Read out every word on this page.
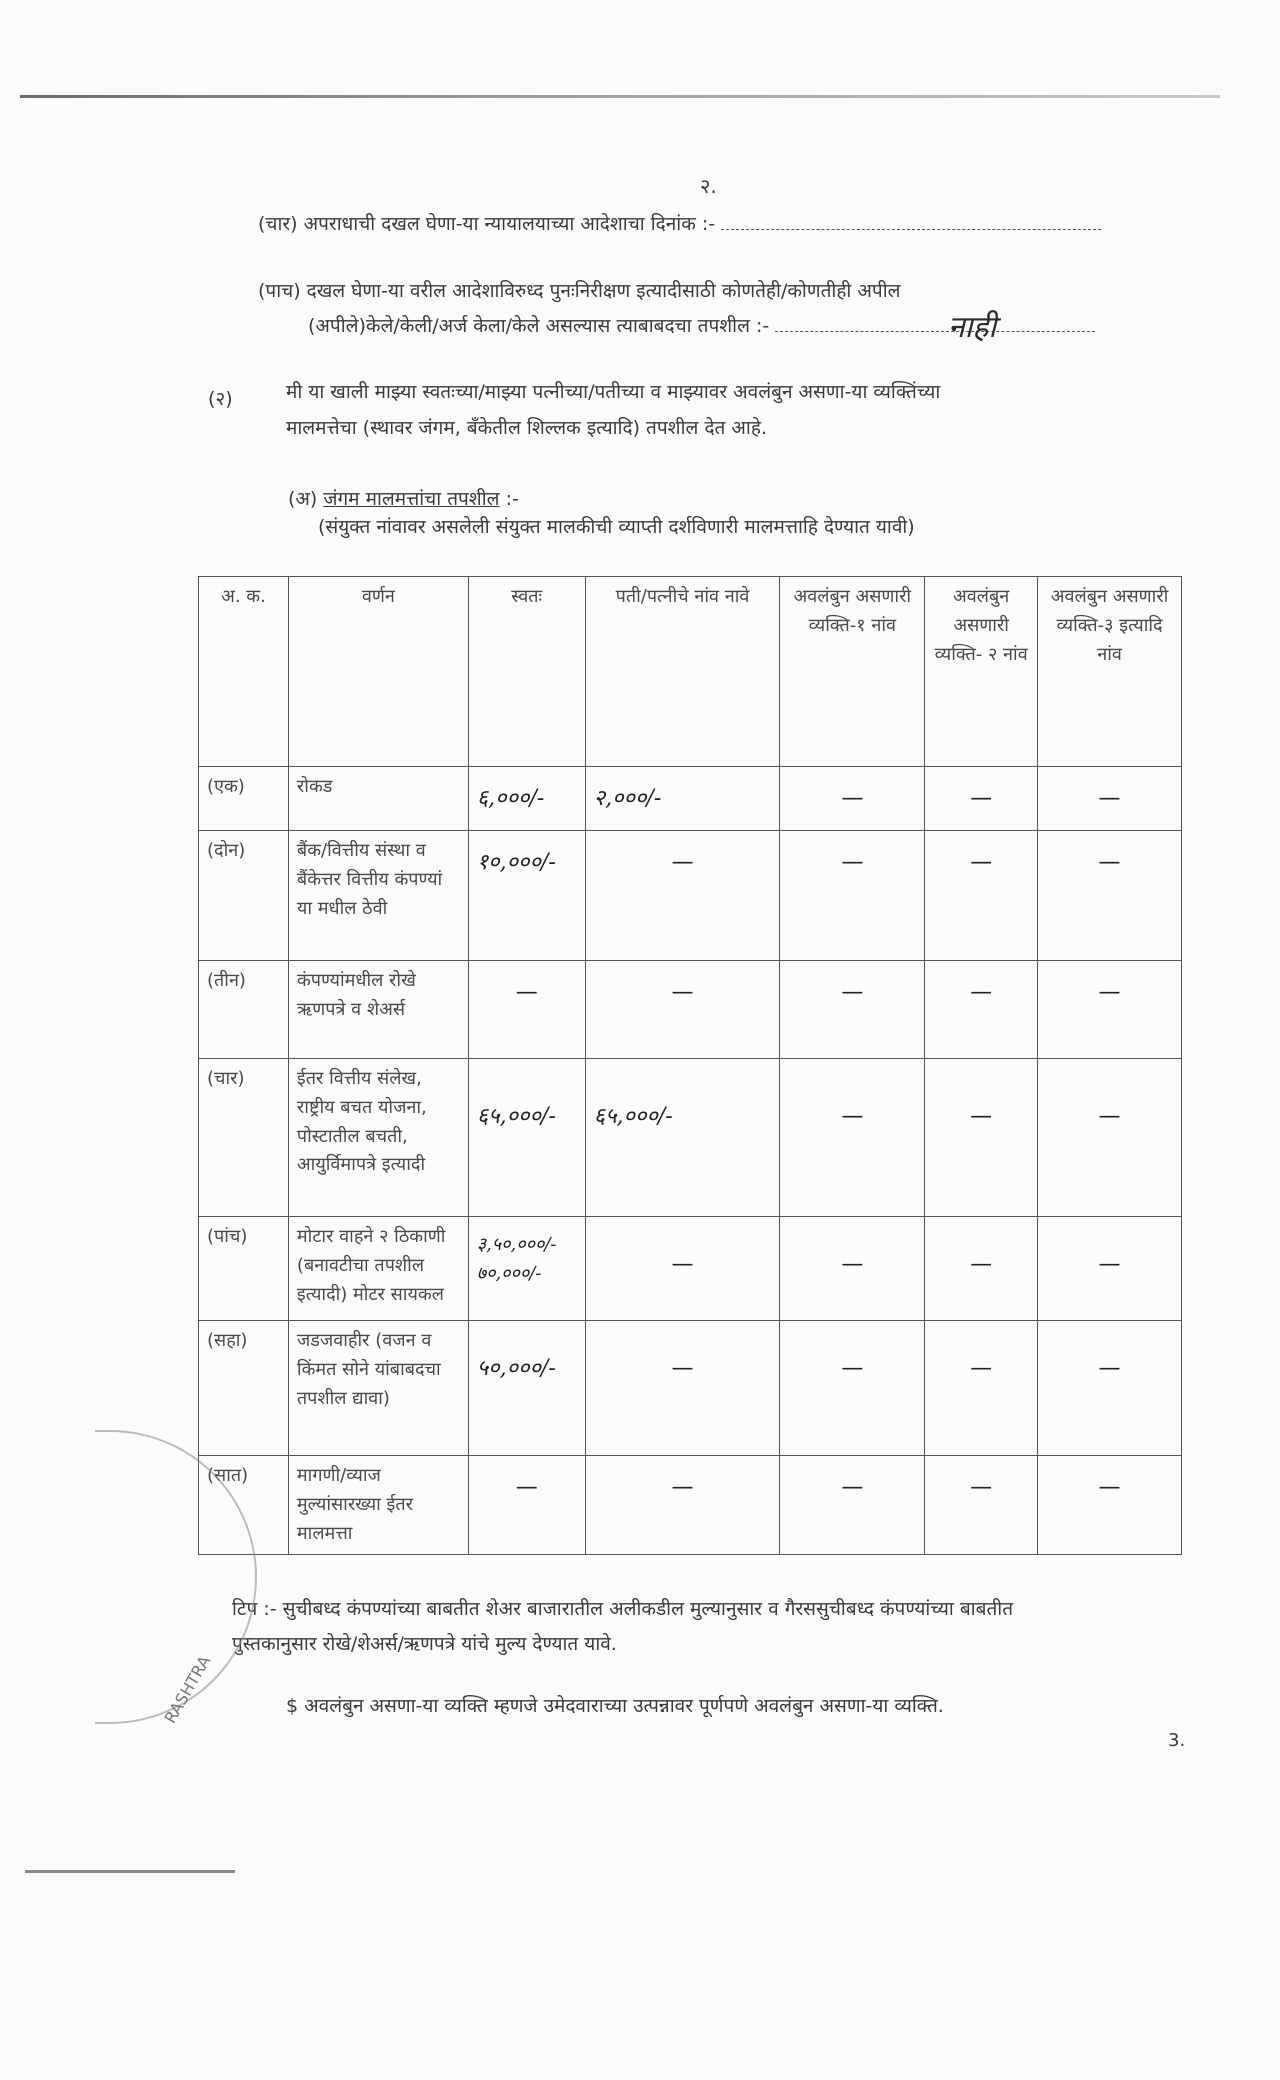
२.
(चार) अपराधाची दखल घेणा-या न्यायालयाच्या आदेशाचा दिनांक :-
(पाच) दखल घेणा-या वरील आदेशाविरुध्द पुनःनिरीक्षण इत्यादीसाठी कोणतेही/कोणतीही अपील
(अपीले)केले/केली/अर्ज केला/केले असल्यास त्याबाबदचा तपशील :-	नाही
(२)	मी या खाली माझ्या स्वतःच्या/माझ्या पत्नीच्या/पतीच्या व माझ्यावर अवलंबुन असणा-या व्यक्तिंच्या
मालमत्तेचा (स्थावर जंगम, बॅंकेतील शिल्लक इत्यादि) तपशील देत आहे.
(अ) जंगम मालमत्तांचा तपशील :-
(संयुक्त नांवावर असलेली संयुक्त मालकीची व्याप्ती दर्शविणारी मालमत्ताहि देण्यात यावी)
अ. क.	वर्णन	स्वतः	पती/पत्नीचे नांव नावे	अवलंबुन असणारी व्यक्ति-१ नांव	अवलंबुन असणारी व्यक्ति- २ नांव	अवलंबुन असणारी व्यक्ति-३ इत्यादि नांव
(एक)	रोकड	६,०००/-	२,०००/-	—	—	—
(दोन)	बैंक/वित्तीय संस्था व बैंकेत्तर वित्तीय कंपण्यां या मधील ठेवी	१०,०००/-	—	—	—	—
(तीन)	कंपण्यांमधील रोखे ऋणपत्रे व शेअर्स	—	—	—	—	—
(चार)	ईतर वित्तीय संलेख, राष्ट्रीय बचत योजना, पोस्टातील बचती, आयुर्विमापत्रे इत्यादी	६५,०००/-	६५,०००/-	—	—	—
(पांच)	मोटार वाहने २ ठिकाणी (बनावटीचा तपशील इत्यादी) मोटर सायकल	३,५०,०००/- ७०,०००/-	—	—	—	—
(सहा)	जडजवाहीर (वजन व किंमत सोने यांबाबदचा तपशील द्यावा)	५०,०००/-	—	—	—	—
(सात)	मागणी/व्याज मुल्यांसारख्या ईतर मालमत्ता	—	—	—	—	—
टिप :- सुचीबध्द कंपण्यांच्या बाबतीत शेअर बाजारातील अलीकडील मुल्यानुसार व गैरससुचीबध्द कंपण्यांच्या बाबतीत
पुस्तकानुसार रोखे/शेअर्स/ऋणपत्रे यांचे मुल्य देण्यात यावे.
$ अवलंबुन असणा-या व्यक्ति म्हणजे उमेदवाराच्या उत्पन्नावर पूर्णपणे अवलंबुन असणा-या व्यक्ति.
3.
RASHTRA
